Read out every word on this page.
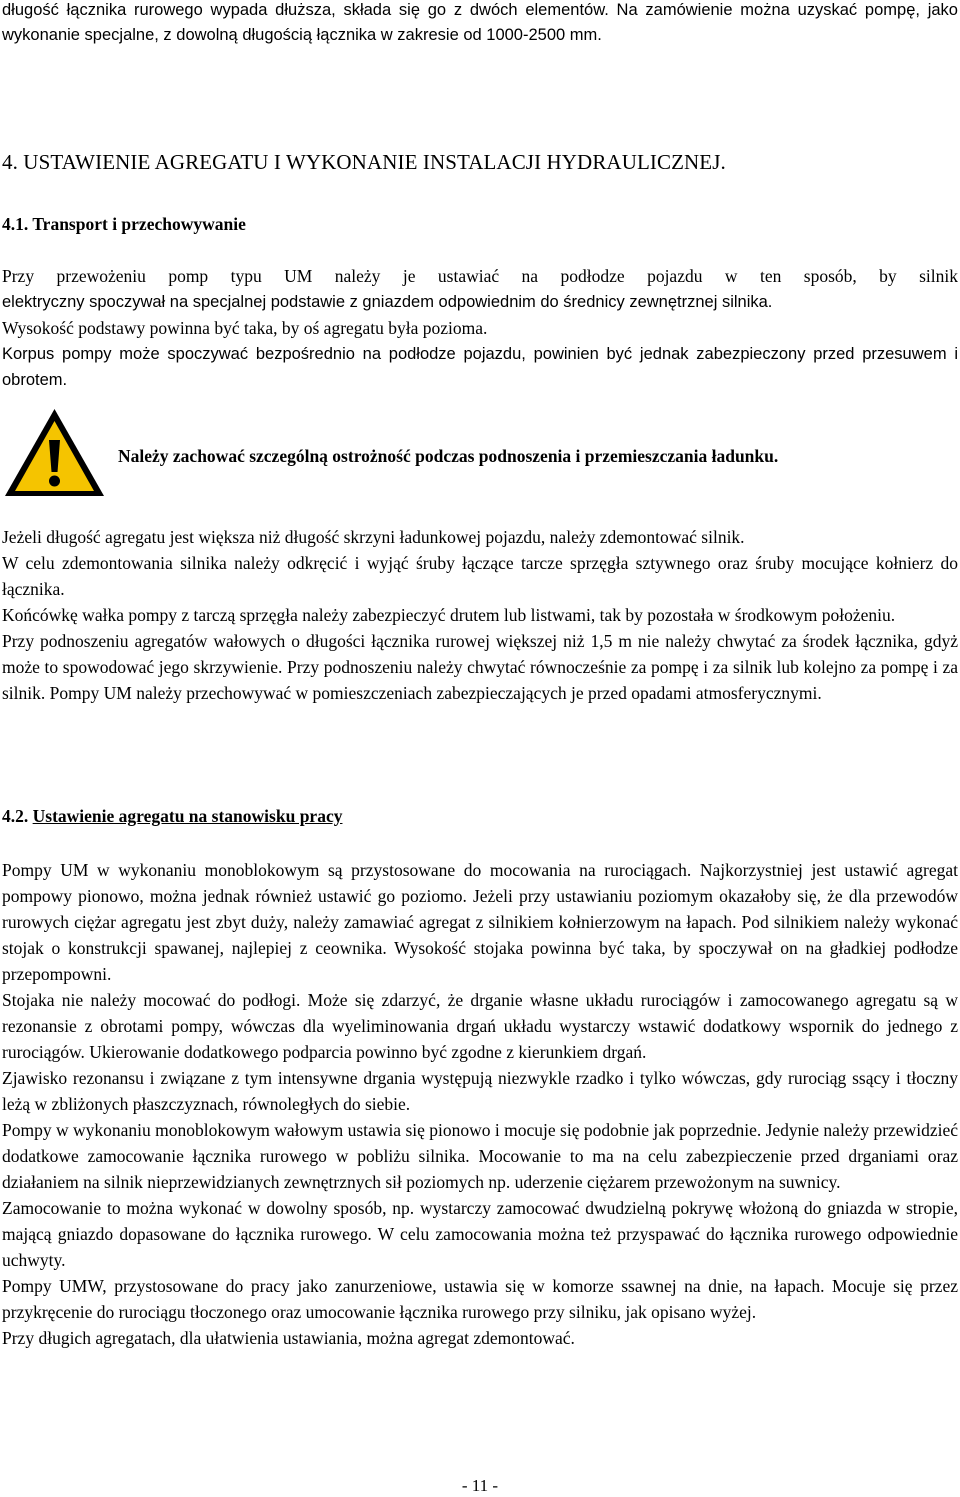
długość łącznika rurowego wypada dłuższa, składa się go z dwóch elementów. Na zamówienie można uzyskać pompę, jako wykonanie specjalne, z dowolną długością łącznika w zakresie od 1000-2500 mm.

4. USTAWIENIE AGREGATU I WYKONANIE INSTALACJI HYDRAULICZNEJ.
4.1. Transport i przechowywanie

Przy przewożeniu pomp typu UM należy je ustawiać na podłodze pojazdu w ten sposób, by silnik

elektryczny spoczywał na specjalnej podstawie z gniazdem odpowiednim do średnicy zewnętrznej silnika.

Wysokość podstawy powinna być taka, by oś agregatu była pozioma.

Korpus pompy może spoczywać bezpośrednio na podłodze pojazdu, powinien być jednak zabezpieczony przed przesuwem i obrotem.

Należy zachować szczególną ostrożność podczas podnoszenia i przemieszczania ładunku.

Jeżeli długość agregatu jest większa niż długość skrzyni ładunkowej pojazdu, należy zdemontować silnik.

W celu zdemontowania silnika należy odkręcić i wyjąć śruby łączące tarcze sprzęgła sztywnego oraz śruby mocujące kołnierz do łącznika.

Końcówkę wałka pompy z tarczą sprzęgła należy zabezpieczyć drutem lub listwami, tak by pozostała w środkowym położeniu.

Przy podnoszeniu agregatów wałowych o długości łącznika rurowej większej niż 1,5 m nie należy chwytać za środek łącznika, gdyż może to spowodować jego skrzywienie. Przy podnoszeniu należy chwytać równocześnie za pompę i za silnik lub kolejno za pompę i za silnik. Pompy UM należy przechowywać w pomieszczeniach zabezpieczających je przed opadami atmosferycznymi.

4.2. Ustawienie agregatu na stanowisku pracy

Pompy UM w wykonaniu monoblokowym są przystosowane do mocowania na rurociągach. Najkorzystniej jest ustawić agregat pompowy pionowo, można jednak również ustawić go poziomo. Jeżeli przy ustawianiu poziomym okazałoby się, że dla przewodów rurowych ciężar agregatu jest zbyt duży, należy zamawiać agregat z silnikiem kołnierzowym na łapach. Pod silnikiem należy wykonać stojak o konstrukcji spawanej, najlepiej z ceownika. Wysokość stojaka powinna być taka, by spoczywał on na gładkiej podłodze przepompowni.

Stojaka nie należy mocować do podłogi. Może się zdarzyć, że drganie własne układu rurociągów i zamocowanego agregatu są w rezonansie z obrotami pompy, wówczas dla wyeliminowania drgań układu wystarczy wstawić dodatkowy wspornik do jednego z rurociągów. Ukierowanie dodatkowego podparcia powinno być zgodne z kierunkiem drgań.

Zjawisko rezonansu i związane z tym intensywne drgania występują niezwykle rzadko i tylko wówczas, gdy rurociąg ssący i tłoczny leżą w zbliżonych płaszczyznach, równoległych do siebie.

Pompy w wykonaniu monoblokowym wałowym ustawia się pionowo i mocuje się podobnie jak poprzednie. Jedynie należy przewidzieć dodatkowe zamocowanie łącznika rurowego w pobliżu silnika. Mocowanie to ma na celu zabezpieczenie przed drganiami oraz działaniem na silnik nieprzewidzianych zewnętrznych sił poziomych np. uderzenie ciężarem przewożonym na suwnicy.

Zamocowanie to można wykonać w dowolny sposób, np. wystarczy zamocować dwudzielną pokrywę włożoną do gniazda w stropie, mającą gniazdo dopasowane do łącznika rurowego. W celu zamocowania można też przyspawać do łącznika rurowego odpowiednie uchwyty.

Pompy UMW, przystosowane do pracy jako zanurzeniowe, ustawia się w komorze ssawnej na dnie, na łapach. Mocuje się przez przykręcenie do rurociągu tłoczonego oraz umocowanie łącznika rurowego przy silniku, jak opisano wyżej.

Przy długich agregatach, dla ułatwienia ustawiania, można agregat zdemontować.

- 11 -
